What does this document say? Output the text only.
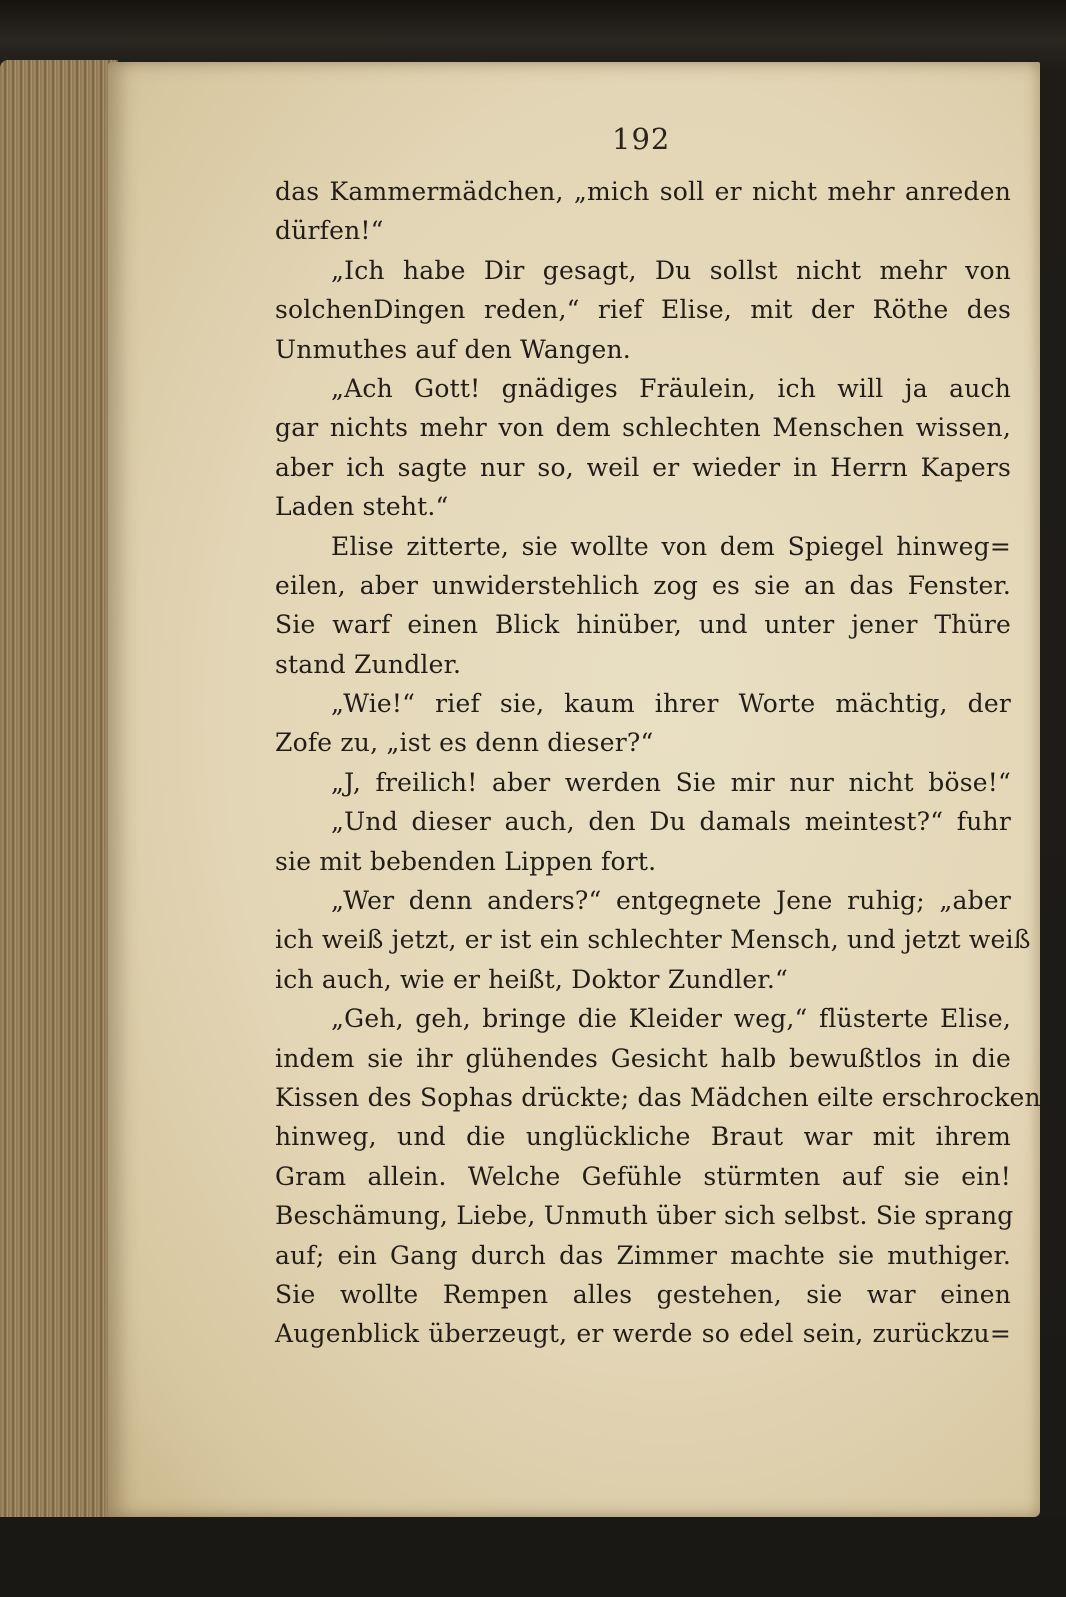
192
das Kammermädchen, „mich soll er nicht mehr anreden
dürfen!“
„Ich habe Dir gesagt, Du sollst nicht mehr von
solchenDingen reden,“ rief Elise, mit der Röthe des
Unmuthes auf den Wangen.
„Ach Gott! gnädiges Fräulein, ich will ja auch
gar nichts mehr von dem schlechten Menschen wissen,
aber ich sagte nur so, weil er wieder in Herrn Kapers
Laden steht.“
Elise zitterte, sie wollte von dem Spiegel hinweg=
eilen, aber unwiderstehlich zog es sie an das Fenster.
Sie warf einen Blick hinüber, und unter jener Thüre
stand Zundler.
„Wie!“ rief sie, kaum ihrer Worte mächtig, der
Zofe zu, „ist es denn dieser?“
„J, freilich! aber werden Sie mir nur nicht böse!“
„Und dieser auch, den Du damals meintest?“ fuhr
sie mit bebenden Lippen fort.
„Wer denn anders?“ entgegnete Jene ruhig; „aber
ich weiß jetzt, er ist ein schlechter Mensch, und jetzt weiß
ich auch, wie er heißt, Doktor Zundler.“
„Geh, geh, bringe die Kleider weg,“ flüsterte Elise,
indem sie ihr glühendes Gesicht halb bewußtlos in die
Kissen des Sophas drückte; das Mädchen eilte erschrocken
hinweg, und die unglückliche Braut war mit ihrem
Gram allein. Welche Gefühle stürmten auf sie ein!
Beschämung, Liebe, Unmuth über sich selbst. Sie sprang
auf; ein Gang durch das Zimmer machte sie muthiger.
Sie wollte Rempen alles gestehen, sie war einen
Augenblick überzeugt, er werde so edel sein, zurückzu=
